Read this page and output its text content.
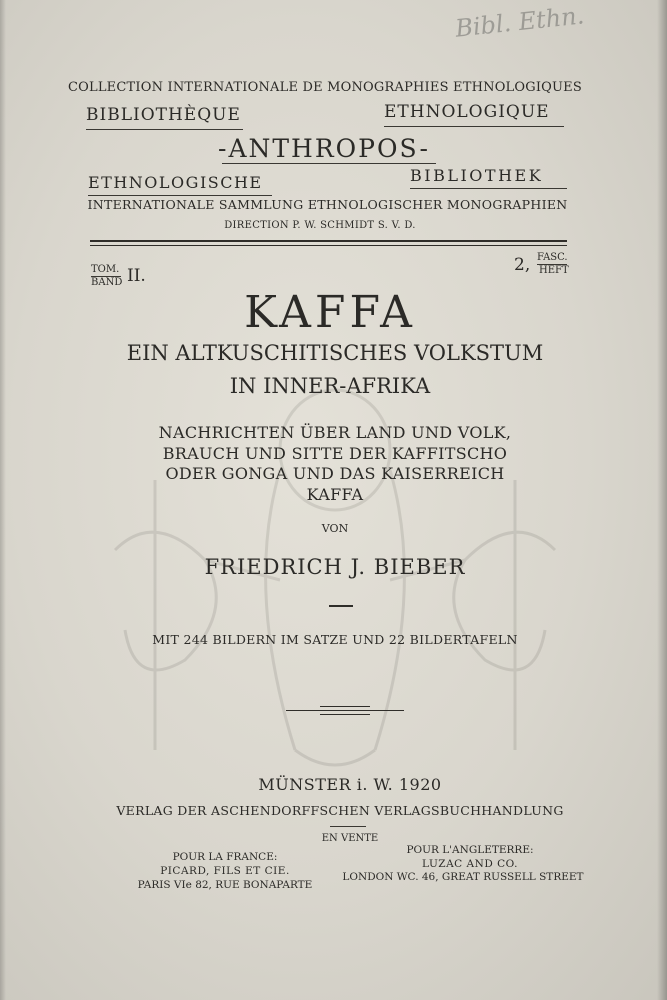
Bibl. Ethn.
COLLECTION INTERNATIONALE DE MONOGRAPHIES ETHNOLOGIQUES
BIBLIOTHÈQUE	ETHNOLOGIQUE
-ANTHROPOS-
ETHNOLOGISCHE	BIBLIOTHEK
INTERNATIONALE SAMMLUNG ETHNOLOGISCHER MONOGRAPHIEN
DIRECTION P. W. SCHMIDT S. V. D.
TOM.
BAND II.
2, FASC.
HEFT
KAFFA
EIN ALTKUSCHITISCHES VOLKSTUM
IN INNER-AFRIKA
NACHRICHTEN ÜBER LAND UND VOLK,
BRAUCH UND SITTE DER KAFFITSCHO
ODER GONGA UND DAS KAISERREICH
KAFFA
VON
FRIEDRICH J. BIEBER
MIT 244 BILDERN IM SATZE UND 22 BILDERTAFELN
MÜNSTER i. W. 1920
VERLAG DER ASCHENDORFFSCHEN VERLAGSBUCHHANDLUNG
EN VENTE
POUR LA FRANCE:
PICARD, FILS ET CIE.
PARIS VIe 82, RUE BONAPARTE
POUR L'ANGLETERRE:
LUZAC AND CO.
LONDON WC. 46, GREAT RUSSELL STREET
